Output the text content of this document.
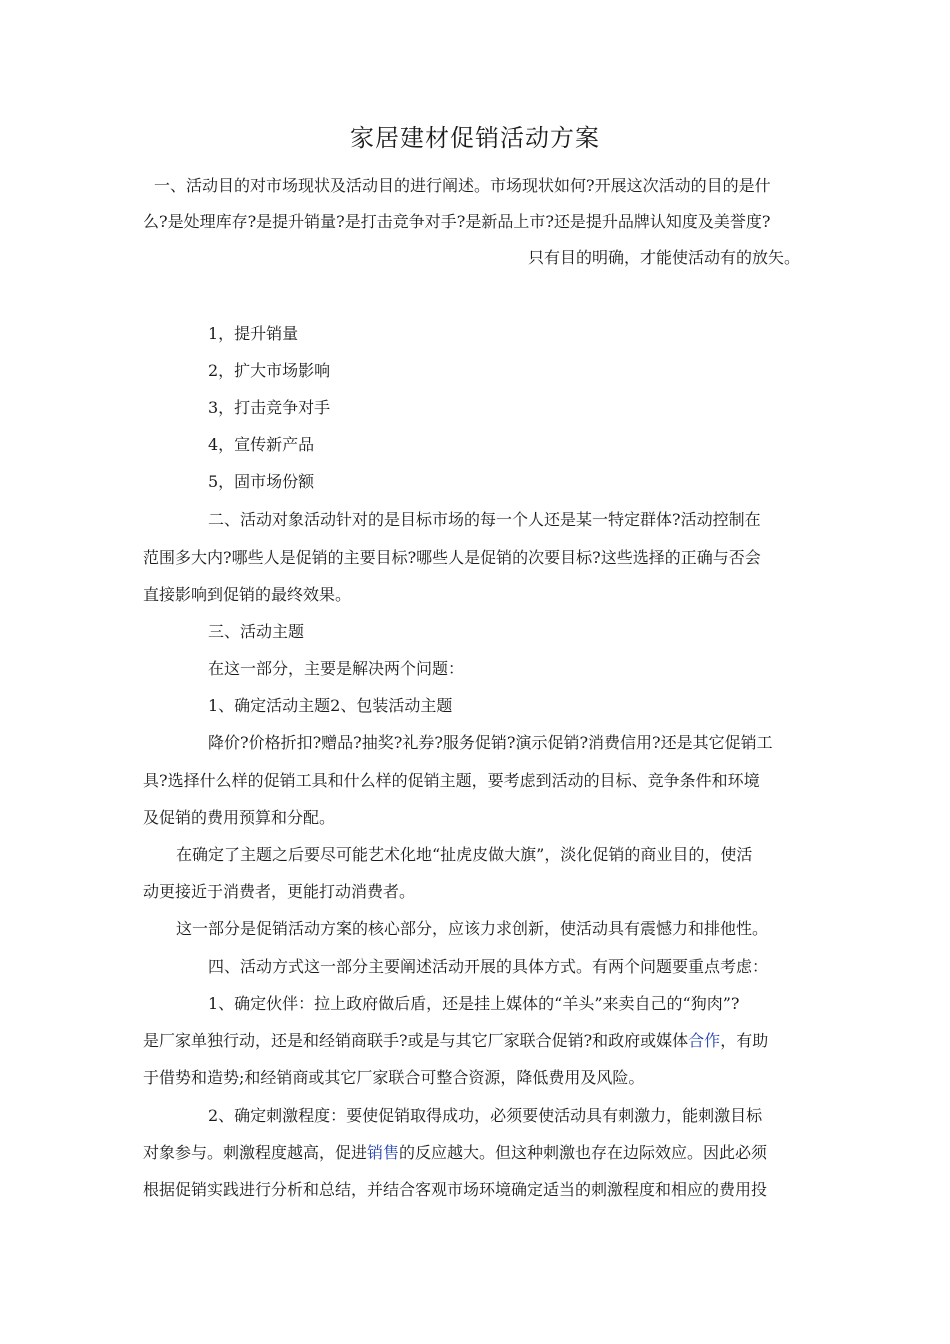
家居建材促销活动方案
一、活动目的对市场现状及活动目的进行阐述。市场现状如何?开展这次活动的目的是什
么?是处理库存?是提升销量?是打击竞争对手?是新品上市?还是提升品牌认知度及美誉度?
只有目的明确，才能使活动有的放矢。
1，提升销量
2，扩大市场影响
3，打击竞争对手
4，宣传新产品
5，固市场份额
二、活动对象活动针对的是目标市场的每一个人还是某一特定群体?活动控制在
范围多大内?哪些人是促销的主要目标?哪些人是促销的次要目标?这些选择的正确与否会
直接影响到促销的最终效果。
三、活动主题
在这一部分，主要是解决两个问题：
1、确定活动主题2、包装活动主题
降价?价格折扣?赠品?抽奖?礼券?服务促销?演示促销?消费信用?还是其它促销工
具?选择什么样的促销工具和什么样的促销主题，要考虑到活动的目标、竞争条件和环境
及促销的费用预算和分配。
在确定了主题之后要尽可能艺术化地“扯虎皮做大旗”，淡化促销的商业目的，使活
动更接近于消费者，更能打动消费者。
这一部分是促销活动方案的核心部分，应该力求创新，使活动具有震憾力和排他性。
四、活动方式这一部分主要阐述活动开展的具体方式。有两个问题要重点考虑：
1、确定伙伴：拉上政府做后盾，还是挂上媒体的“羊头”来卖自己的“狗肉”?
是厂家单独行动，还是和经销商联手?或是与其它厂家联合促销?和政府或媒体合作，有助
于借势和造势;和经销商或其它厂家联合可整合资源，降低费用及风险。
2、确定刺激程度：要使促销取得成功，必须要使活动具有刺激力，能刺激目标
对象参与。刺激程度越高，促进销售的反应越大。但这种刺激也存在边际效应。因此必须
根据促销实践进行分析和总结，并结合客观市场环境确定适当的刺激程度和相应的费用投
